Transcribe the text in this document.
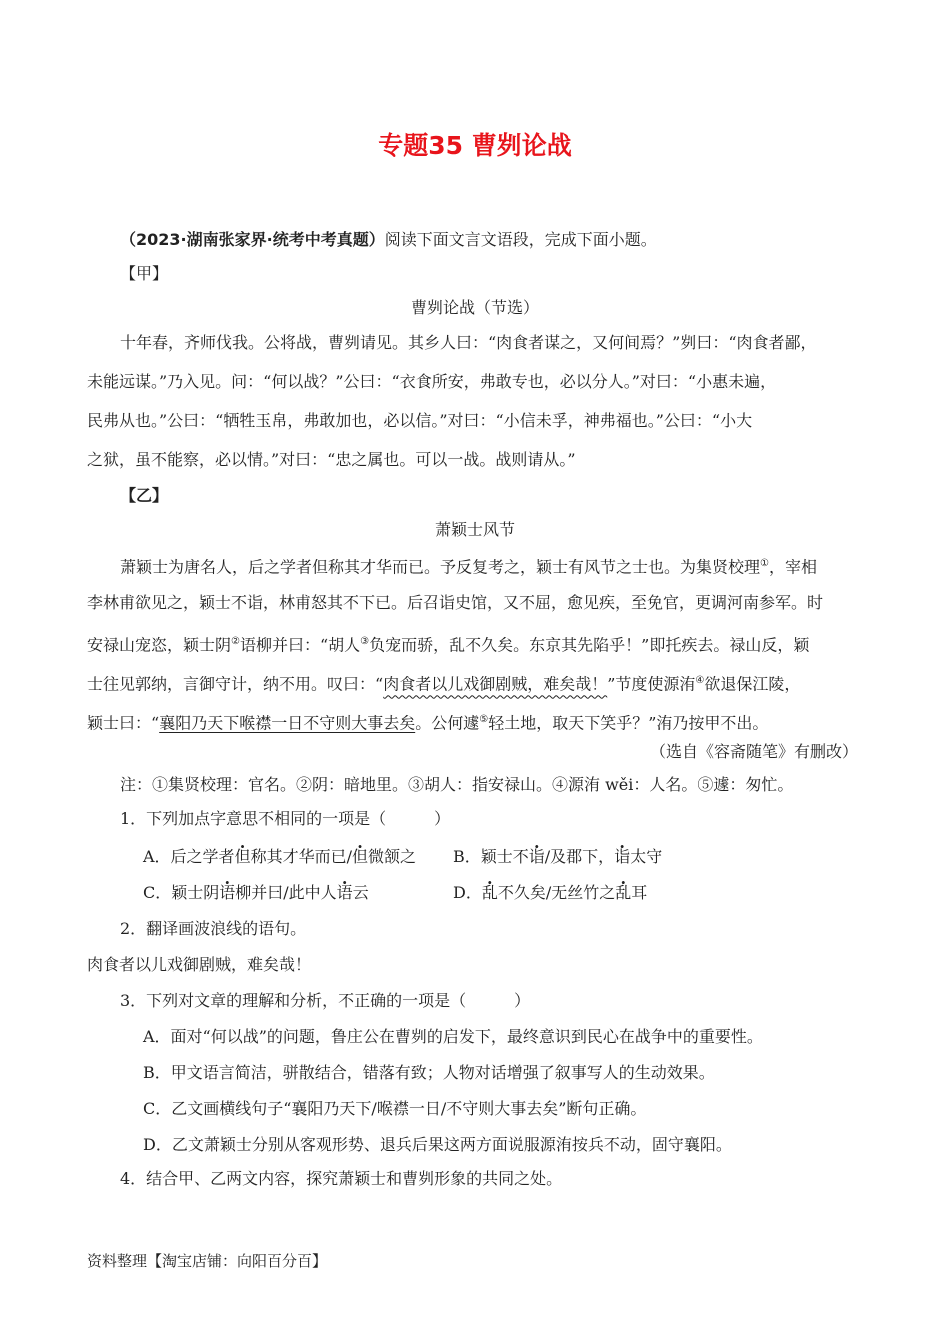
专题35 曹刿论战
（2023·湖南张家界·统考中考真题）阅读下面文言文语段，完成下面小题。
【甲】
曹刿论战（节选）
十年春，齐师伐我。公将战，曹刿请见。其乡人曰：“肉食者谋之，又何间焉？”刿曰：“肉食者鄙，
未能远谋。”乃入见。问：“何以战？”公曰：“衣食所安，弗敢专也，必以分人。”对曰：“小惠未遍，
民弗从也。”公曰：“牺牲玉帛，弗敢加也，必以信。”对曰：“小信未孚，神弗福也。”公曰：“小大
之狱，虽不能察，必以情。”对曰：“忠之属也。可以一战。战则请从。”
【乙】
萧颖士风节
萧颖士为唐名人，后之学者但称其才华而已。予反复考之，颖士有风节之士也。为集贤校理①，宰相
李林甫欲见之，颖士不诣，林甫怒其不下已。后召诣史馆，又不屈，愈见疾，至免官，更调河南参军。时
安禄山宠恣，颖士阴②语柳并曰：“胡人③负宠而骄，乱不久矣。东京其先陷乎！”即托疾去。禄山反，颖
士往见郭纳，言御守计，纳不用。叹曰：“肉食者以儿戏御剧贼，难矣哉！”节度使源洧④欲退保江陵，
颖士曰：“襄阳乃天下喉襟一日不守则大事去矣。公何遽⑤轻土地，取天下笑乎？”洧乃按甲不出。
（选自《容斋随笔》有删改）
注：①集贤校理：官名。②阴：暗地里。③胡人：指安禄山。④源洧 wěi：人名。⑤遽：匆忙。
1．下列加点字意思不相同的一项是（　　　）
A．后之学者但称其才华而已/但微颔之 B．颖士不诣/及郡下，诣太守
C．颖士阴语柳并曰/此中人语云	D．乱不久矣/无丝竹之乱耳
2．翻译画波浪线的语句。
肉食者以儿戏御剧贼，难矣哉！
3．下列对文章的理解和分析，不正确的一项是（　　　）
A．面对“何以战”的问题，鲁庄公在曹刿的启发下，最终意识到民心在战争中的重要性。
B．甲文语言简洁，骈散结合，错落有致；人物对话增强了叙事写人的生动效果。
C．乙文画横线句子“襄阳乃天下/喉襟一日/不守则大事去矣”断句正确。
D．乙文萧颖士分别从客观形势、退兵后果这两方面说服源洧按兵不动，固守襄阳。
4．结合甲、乙两文内容，探究萧颖士和曹刿形象的共同之处。
资料整理【淘宝店铺：向阳百分百】
